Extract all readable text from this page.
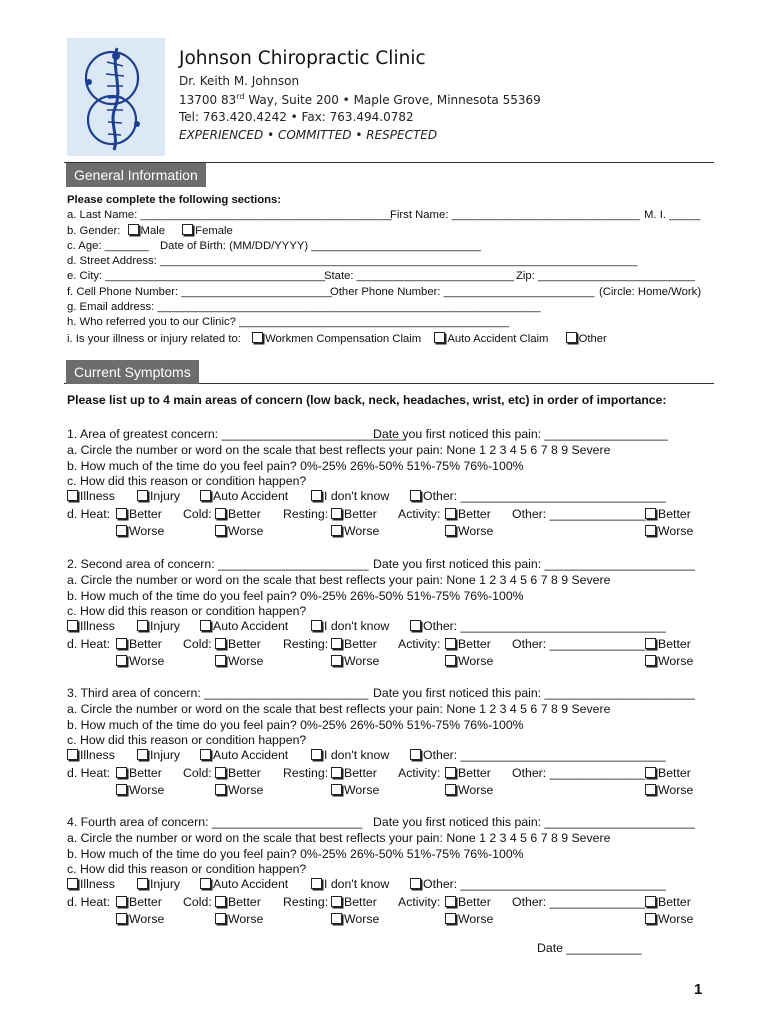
Johnson Chiropractic Clinic
Dr. Keith M. Johnson
13700 83rd Way, Suite 200 • Maple Grove, Minnesota 55369
Tel: 763.420.4242 • Fax: 763.494.0782
EXPERIENCED • COMMITTED • RESPECTED
General Information
Please complete the following sections:
a. Last Name: ________________________________________
First Name: ______________________________ M. I. _____
b. Gender: Male	Female
c. Age: _______ Date of Birth: (MM/DD/YYYY) ___________________________
d. Street Address: ____________________________________________________________________________
e. City: ___________________________________
State: _________________________ Zip: _________________________
f. Cell Phone Number: ________________________
Other Phone Number: ________________________ (Circle: Home/Work)
g. Email address: _____________________________________________________________
h. Who referred you to our Clinic? ___________________________________________
i. Is your illness or injury related to: Workmen Compensation Claim Auto Accident Claim	Other
Current Symptoms
Please list up to 4 main areas of concern (low back, neck, headaches, wrist, etc) in order of importance:
1. Area of greatest concern: ___________________________
Date you first noticed this pain: __________________
a. Circle the number or word on the scale that best reflects your pain: None 1 2 3 4 5 6 7 8 9 Severe
b. How much of the time do you feel pain? 0%-25% 26%-50% 51%-75% 76%-100%
c. How did this reason or condition happen?
Illness	Injury	Auto Accident	I don't know	Other: ______________________________
d. Heat:	Better Cold:	Better Resting:	Better Activity:	Better Other: ______________	Better
Worse	Worse	Worse	Worse	Worse
2. Second area of concern: ______________________ Date you first noticed this pain: ______________________
a. Circle the number or word on the scale that best reflects your pain: None 1 2 3 4 5 6 7 8 9 Severe
b. How much of the time do you feel pain? 0%-25% 26%-50% 51%-75% 76%-100%
c. How did this reason or condition happen?
Illness	Injury	Auto Accident	I don't know	Other: ______________________________
d. Heat:	Better Cold:	Better Resting:	Better Activity:	Better Other: ______________	Better
Worse	Worse	Worse	Worse	Worse
3. Third area of concern: ________________________ Date you first noticed this pain: ______________________
a. Circle the number or word on the scale that best reflects your pain: None 1 2 3 4 5 6 7 8 9 Severe
b. How much of the time do you feel pain? 0%-25% 26%-50% 51%-75% 76%-100%
c. How did this reason or condition happen?
Illness	Injury	Auto Accident	I don't know	Other: ______________________________
d. Heat:	Better Cold:	Better Resting:	Better Activity:	Better Other: ______________	Better
Worse	Worse	Worse	Worse	Worse
4. Fourth area of concern: ______________________ Date you first noticed this pain: ______________________
a. Circle the number or word on the scale that best reflects your pain: None 1 2 3 4 5 6 7 8 9 Severe
b. How much of the time do you feel pain? 0%-25% 26%-50% 51%-75% 76%-100%
c. How did this reason or condition happen?
Illness	Injury	Auto Accident	I don't know	Other: ______________________________
d. Heat:	Better Cold:	Better Resting:	Better Activity:	Better Other: ______________	Better
Worse	Worse	Worse	Worse	Worse
Date ___________
1
